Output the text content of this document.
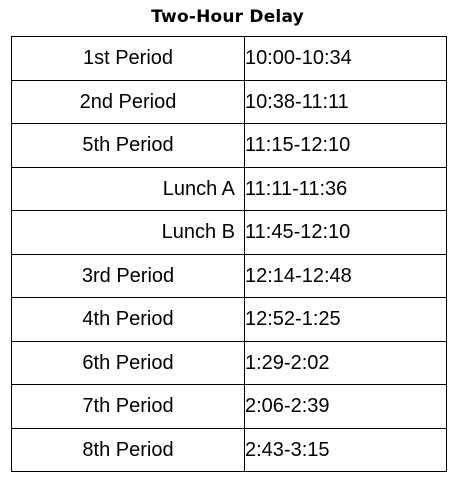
Two-Hour Delay
1st Period	10:00-10:34
2nd Period	10:38-11:11
5th Period	11:15-12:10
Lunch A	11:11-11:36
Lunch B	11:45-12:10
3rd Period	12:14-12:48
4th Period	12:52-1:25
6th Period	1:29-2:02
7th Period	2:06-2:39
8th Period	2:43-3:15
